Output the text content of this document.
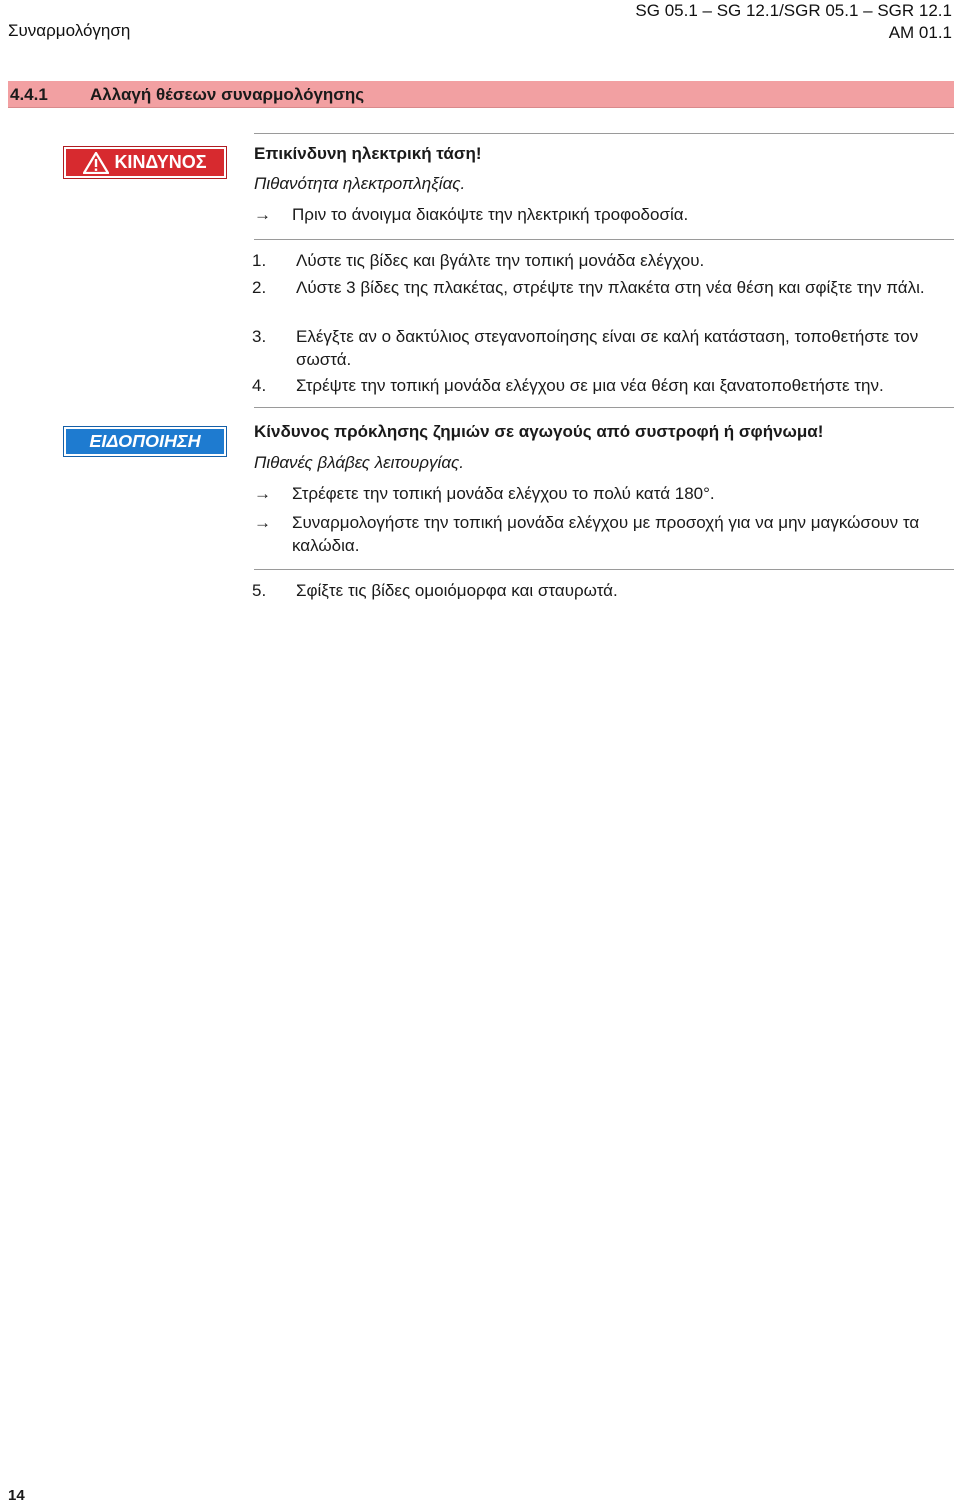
Συναρμολόγηση
SG 05.1 – SG 12.1/SGR 05.1 – SGR 12.1
AM 01.1
4.4.1 Αλλαγή θέσεων συναρμολόγησης
ΚΙΝΔΥΝΟΣ	Επικίνδυνη ηλεκτρική τάση!
Πιθανότητα ηλεκτροπληξίας.
→	Πριν το άνοιγμα διακόψτε την ηλεκτρική τροφοδοσία.
1. Λύστε τις βίδες και βγάλτε την τοπική μονάδα ελέγχου.
2. Λύστε 3 βίδες της πλακέτας, στρέψτε την πλακέτα στη νέα θέση και σφίξτε την πάλι.
3. Ελέγξτε αν ο δακτύλιος στεγανοποίησης είναι σε καλή κατάσταση, τοποθετήστε τον σωστά.
4. Στρέψτε την τοπική μονάδα ελέγχου σε μια νέα θέση και ξανατοποθετήστε την.
ΕΙΔΟΠΟΙΗΣΗ	Κίνδυνος πρόκλησης ζημιών σε αγωγούς από συστροφή ή σφήνωμα!
Πιθανές βλάβες λειτουργίας.
→	Στρέφετε την τοπική μονάδα ελέγχου το πολύ κατά 180°.
→	Συναρμολογήστε την τοπική μονάδα ελέγχου με προσοχή για να μην μαγκώσουν τα καλώδια.
5. Σφίξτε τις βίδες ομοιόμορφα και σταυρωτά.
14
